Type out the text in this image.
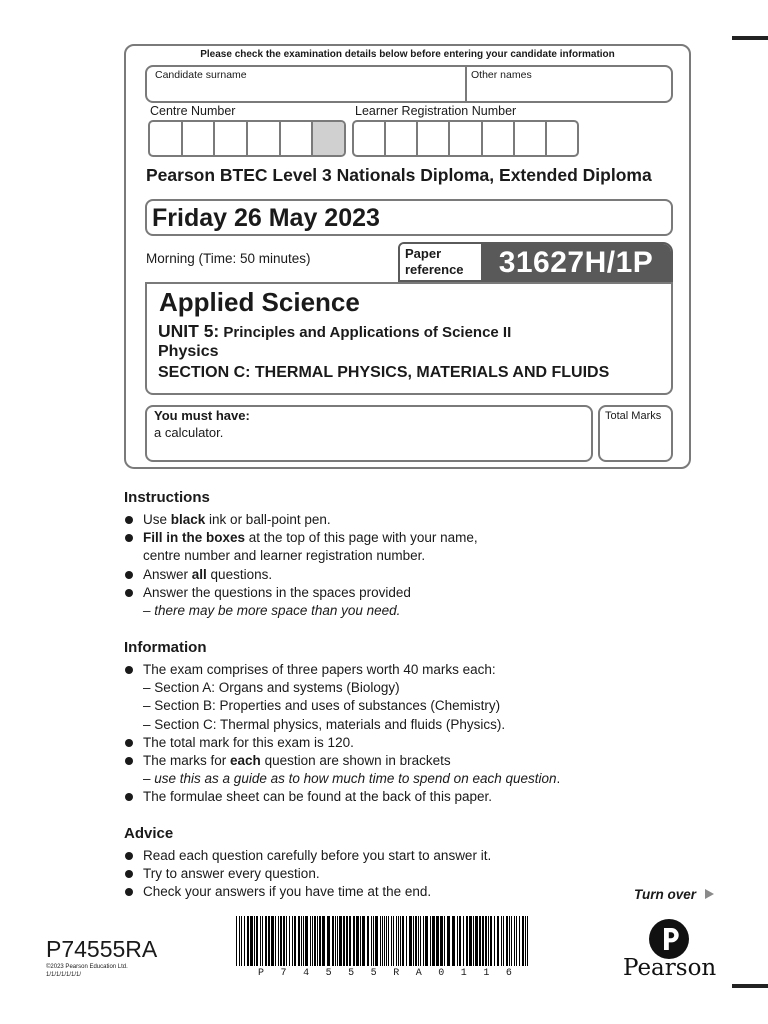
Please check the examination details below before entering your candidate information
Candidate surname	Other names
Centre Number	Learner Registration Number
Pearson BTEC Level 3 Nationals Diploma, Extended Diploma
Friday 26 May 2023
Morning (Time: 50 minutes)	Paper
reference	31627H/1P
Applied Science
UNIT 5: Principles and Applications of Science II
Physics
SECTION C: THERMAL PHYSICS, MATERIALS AND FLUIDS
You must have:
a calculator.
Total Marks
Instructions
Use black ink or ball-point pen.
Fill in the boxes at the top of this page with your name,
centre number and learner registration number.
Answer all questions.
Answer the questions in the spaces provided
– there may be more space than you need.
Information
The exam comprises of three papers worth 40 marks each:
– Section A: Organs and systems (Biology)
– Section B: Properties and uses of substances (Chemistry)
– Section C: Thermal physics, materials and fluids (Physics).
The total mark for this exam is 120.
The marks for each question are shown in brackets
– use this as a guide as to how much time to spend on each question.
The formulae sheet can be found at the back of this paper.
Advice
Read each question carefully before you start to answer it.
Try to answer every question.
Check your answers if you have time at the end.	Turn over
P74555RA
©2023 Pearson Education Ltd.
1/1/1/1/1/1/1/	P 7 4 5 5 5 R A 0 1 1 6	Pearson
